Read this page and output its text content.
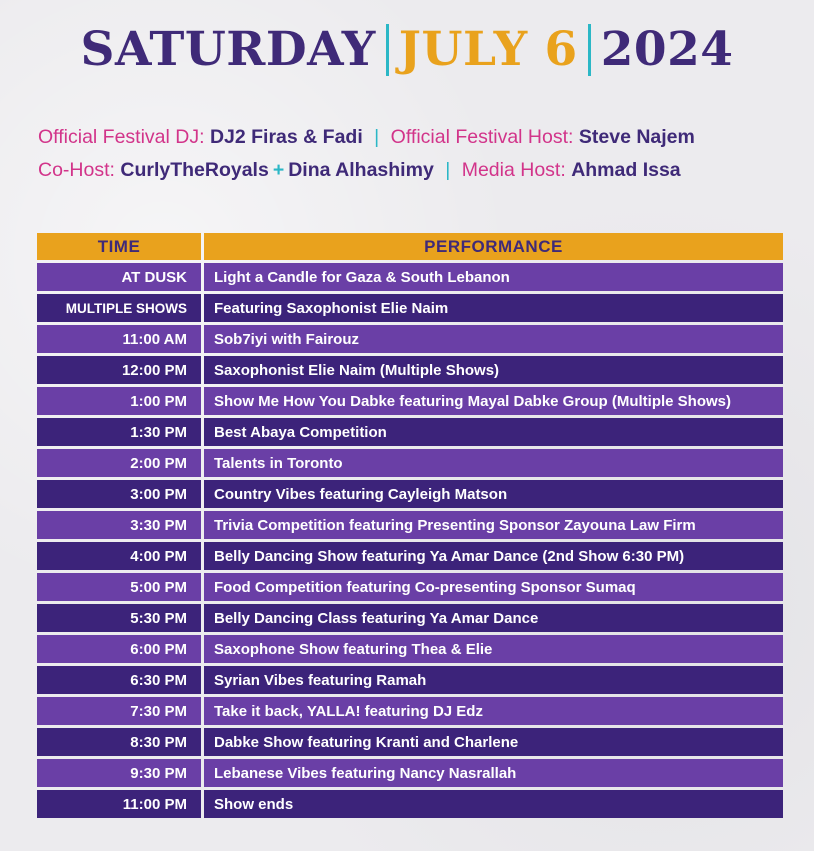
SATURDAY JULY 6 2024
Official Festival DJ: DJ2 Firas & Fadi | Official Festival Host: Steve Najem
Co-Host: CurlyTheRoyals + Dina Alhashimy | Media Host: Ahmad Issa
TIME	PERFORMANCE
AT DUSK	Light a Candle for Gaza & South Lebanon
MULTIPLE SHOWS	Featuring Saxophonist Elie Naim
11:00 AM	Sob7iyi with Fairouz
12:00 PM	Saxophonist Elie Naim (Multiple Shows)
1:00 PM	Show Me How You Dabke featuring Mayal Dabke Group (Multiple Shows)
1:30 PM	Best Abaya Competition
2:00 PM	Talents in Toronto
3:00 PM	Country Vibes featuring Cayleigh Matson
3:30 PM	Trivia Competition featuring Presenting Sponsor Zayouna Law Firm
4:00 PM	Belly Dancing Show featuring Ya Amar Dance (2nd Show 6:30 PM)
5:00 PM	Food Competition featuring Co-presenting Sponsor Sumaq
5:30 PM	Belly Dancing Class featuring Ya Amar Dance
6:00 PM	Saxophone Show featuring Thea & Elie
6:30 PM	Syrian Vibes featuring Ramah
7:30 PM	Take it back, YALLA! featuring DJ Edz
8:30 PM	Dabke Show featuring Kranti and Charlene
9:30 PM	Lebanese Vibes featuring Nancy Nasrallah
11:00 PM	Show ends
